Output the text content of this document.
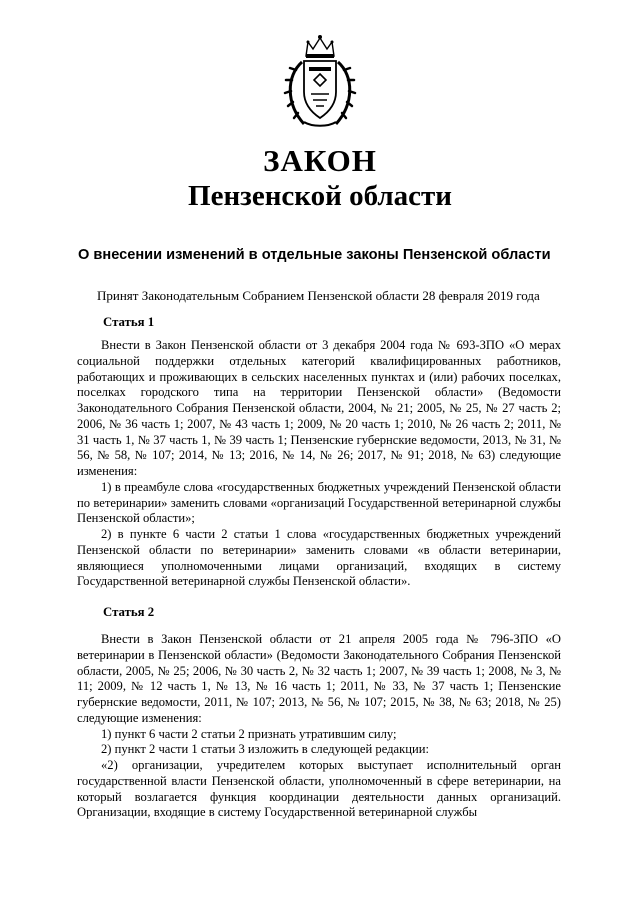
ЗАКОН
Пензенской области
О внесении изменений в отдельные законы Пензенской области
Принят Законодательным Собранием Пензенской области 28 февраля 2019 года
Статья 1

Внести в Закон Пензенской области от 3 декабря 2004 года № 693-ЗПО «О мерах социальной поддержки отдельных категорий квалифицированных работников, работающих и проживающих в сельских населенных пунктах и (или) рабочих поселках, поселках городского типа на территории Пензенской области» (Ведомости Законодательного Собрания Пензенской области, 2004, № 21; 2005, № 25, № 27 часть 2; 2006, № 36 часть 1; 2007, № 43 часть 1; 2009, № 20 часть 1; 2010, № 26 часть 2; 2011, № 31 часть 1, № 37 часть 1, № 39 часть 1; Пензенские губернские ведомости, 2013, № 31, № 56, № 58, № 107; 2014, № 13; 2016, № 14, № 26; 2017, № 91; 2018, № 63) следующие изменения:

1) в преамбуле слова «государственных бюджетных учреждений Пензенской области по ветеринарии» заменить словами «организаций Государственной ветеринарной службы Пензенской области»;

2) в пункте 6 части 2 статьи 1 слова «государственных бюджетных учреждений Пензенской области по ветеринарии» заменить словами «в области ветеринарии, являющиеся уполномоченными лицами организаций, входящих в систему Государственной ветеринарной службы Пензенской области».

Статья 2

Внести в Закон Пензенской области от 21 апреля 2005 года № 796-ЗПО «О ветеринарии в Пензенской области» (Ведомости Законодательного Собрания Пензенской области, 2005, № 25; 2006, № 30 часть 2, № 32 часть 1; 2007, № 39 часть 1; 2008, № 3, № 11; 2009, № 12 часть 1, № 13, № 16 часть 1; 2011, № 33, № 37 часть 1; Пензенские губернские ведомости, 2011, № 107; 2013, № 56, № 107; 2015, № 38, № 63; 2018, № 25) следующие изменения:

1) пункт 6 части 2 статьи 2 признать утратившим силу;

2) пункт 2 части 1 статьи 3 изложить в следующей редакции:

«2) организации, учредителем которых выступает исполнительный орган государственной власти Пензенской области, уполномоченный в сфере ветеринарии, на который возлагается функция координации деятельности данных организаций. Организации, входящие в систему Государственной ветеринарной службы
